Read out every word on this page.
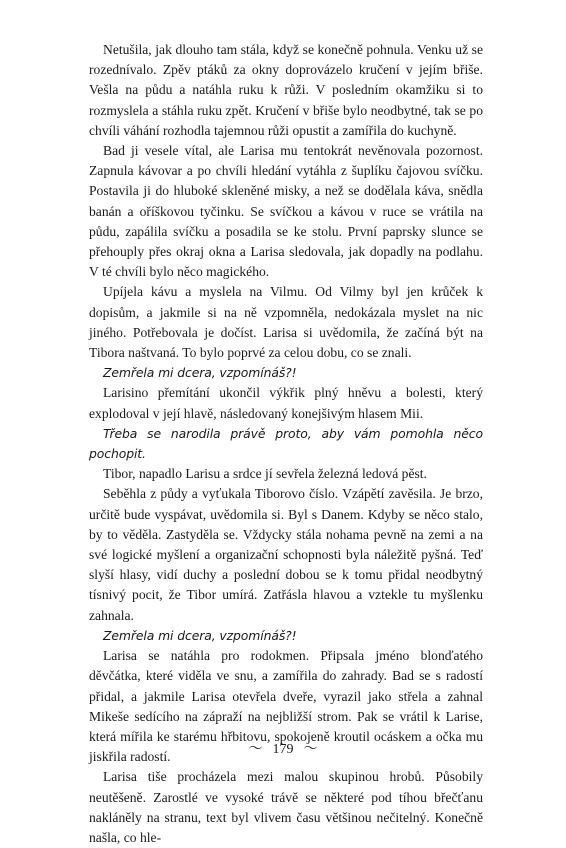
Netušila, jak dlouho tam stála, když se konečně pohnula. Venku už se rozednívalo. Zpěv ptáků za okny doprovázelo kručení v jejím břiše. Vešla na půdu a natáhla ruku k růži. V posledním okamžiku si to rozmyslela a stáhla ruku zpět. Kručení v břiše bylo neodbytné, tak se po chvíli váhání rozhodla tajemnou růži opustit a zamířila do kuchyně.

Bad ji vesele vítal, ale Larisa mu tentokrát nevěnovala pozornost. Zapnula kávovar a po chvíli hledání vytáhla z šuplíku čajovou svíčku. Postavila ji do hluboké skleněné misky, a než se dodělala káva, snědla banán a oříškovou tyčinku. Se svíčkou a kávou v ruce se vrátila na půdu, zapálila svíčku a posadila se ke stolu. První paprsky slunce se přehouply přes okraj okna a Larisa sledovala, jak dopadly na podlahu. V té chvíli bylo něco magického.

Upíjela kávu a myslela na Vilmu. Od Vilmy byl jen krůček k dopisům, a jakmile si na ně vzpomněla, nedokázala myslet na nic jiného. Potřebovala je dočíst. Larisa si uvědomila, že začíná být na Tibora naštvaná. To bylo poprvé za celou dobu, co se znali.

Zemřela mi dcera, vzpomínáš?!

Larisino přemítání ukončil výkřik plný hněvu a bolesti, který explodoval v její hlavě, následovaný konejšivým hlasem Mii.

Třeba se narodila právě proto, aby vám pomohla něco pochopit.

Tibor, napadlo Larisu a srdce jí sevřela železná ledová pěst.

Seběhla z půdy a vyťukala Tiborovo číslo. Vzápětí zavěsila. Je brzo, určitě bude vyspávat, uvědomila si. Byl s Danem. Kdyby se něco stalo, by to věděla. Zastyděla se. Vždycky stála nohama pevně na zemi a na své logické myšlení a organizační schopnosti byla náležitě pyšná. Teď slyší hlasy, vidí duchy a poslední dobou se k tomu přidal neodbytný tísnivý pocit, že Tibor umírá. Zatřásla hlavou a vztekle tu myšlenku zahnala.

Zemřela mi dcera, vzpomínáš?!

Larisa se natáhla pro rodokmen. Připsala jméno blonďatého děvčátka, které viděla ve snu, a zamířila do zahrady. Bad se s radostí přidal, a jakmile Larisa otevřela dveře, vyrazil jako střela a zahnal Mikeše sedícího na zápraží na nejbližší strom. Pak se vrátil k Larise, která mířila ke starému hřbitovu, spokojeně kroutil ocáskem a očka mu jiskřila radostí.

Larisa tiše procházela mezi malou skupinou hrobů. Působily neutěšeně. Zarostlé ve vysoké trávě se některé pod tíhou břečťanu nakláněly na stranu, text byl vlivem času většinou nečitelný. Konečně našla, co hle-

〜 179 〜
